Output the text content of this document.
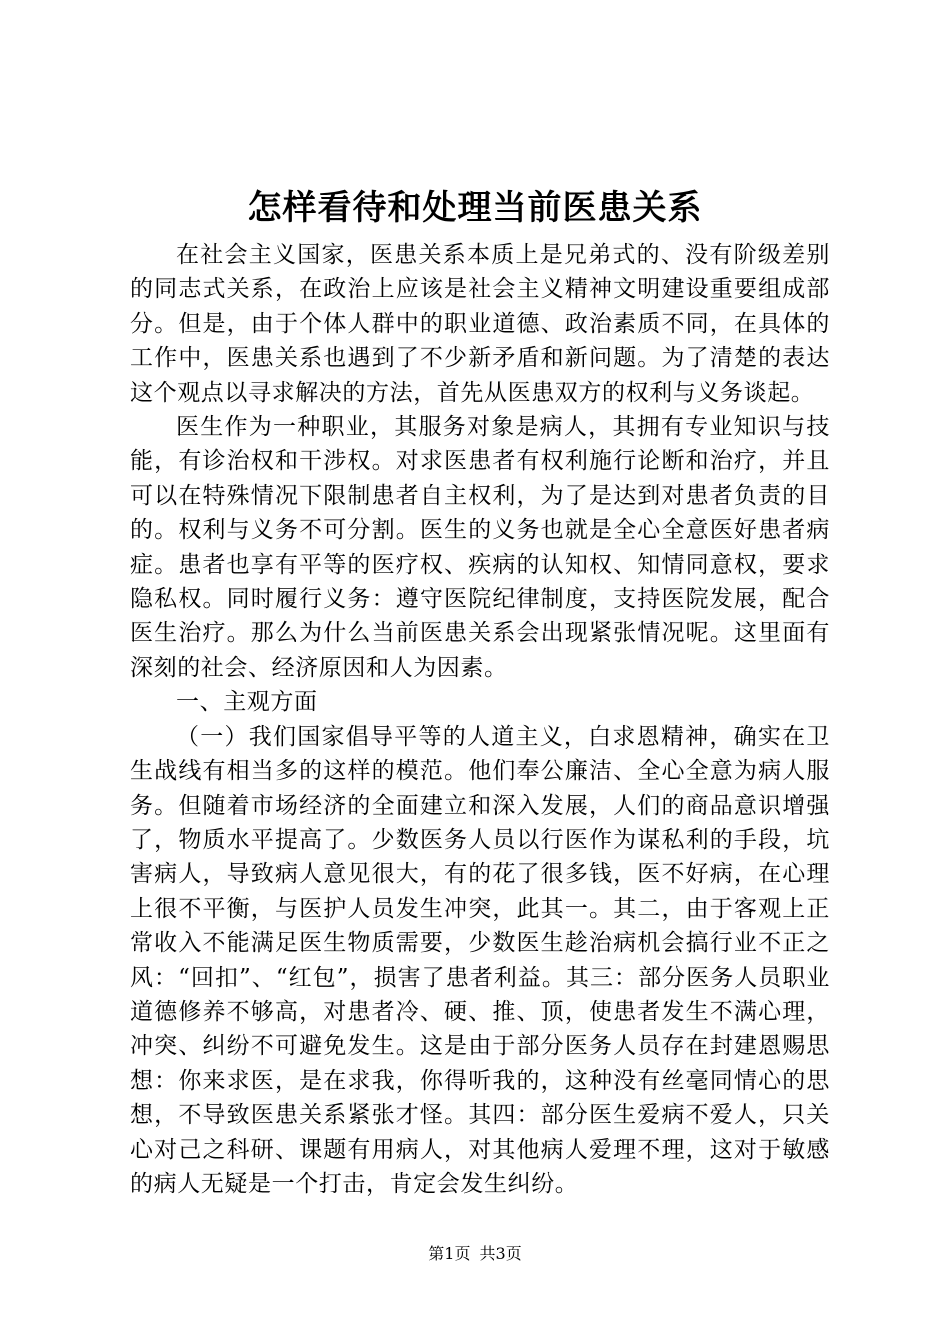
怎样看待和处理当前医患关系

在社会主义国家，医患关系本质上是兄弟式的、没有阶级差别的同志式关系，在政治上应该是社会主义精神文明建设重要组成部分。但是，由于个体人群中的职业道德、政治素质不同，在具体的工作中，医患关系也遇到了不少新矛盾和新问题。为了清楚的表达这个观点以寻求解决的方法，首先从医患双方的权利与义务谈起。

医生作为一种职业，其服务对象是病人，其拥有专业知识与技能，有诊治权和干涉权。对求医患者有权利施行论断和治疗，并且可以在特殊情况下限制患者自主权利，为了是达到对患者负责的目的。权利与义务不可分割。医生的义务也就是全心全意医好患者病症。患者也享有平等的医疗权、疾病的认知权、知情同意权，要求隐私权。同时履行义务：遵守医院纪律制度，支持医院发展，配合医生治疗。那么为什么当前医患关系会出现紧张情况呢。这里面有深刻的社会、经济原因和人为因素。

一、主观方面

（一）我们国家倡导平等的人道主义，白求恩精神，确实在卫生战线有相当多的这样的模范。他们奉公廉洁、全心全意为病人服务。但随着市场经济的全面建立和深入发展，人们的商品意识增强了，物质水平提高了。少数医务人员以行医作为谋私利的手段，坑害病人，导致病人意见很大，有的花了很多钱，医不好病，在心理上很不平衡，与医护人员发生冲突，此其一。其二，由于客观上正常收入不能满足医生物质需要，少数医生趁治病机会搞行业不正之风：“回扣”、“红包”，损害了患者利益。其三：部分医务人员职业道德修养不够高，对患者冷、硬、推、顶，使患者发生不满心理，冲突、纠纷不可避免发生。这是由于部分医务人员存在封建恩赐思想：你来求医，是在求我，你得听我的，这种没有丝毫同情心的思想，不导致医患关系紧张才怪。其四：部分医生爱病不爱人，只关心对己之科研、课题有用病人，对其他病人爱理不理，这对于敏感的病人无疑是一个打击，肯定会发生纠纷。

第1页 共3页
